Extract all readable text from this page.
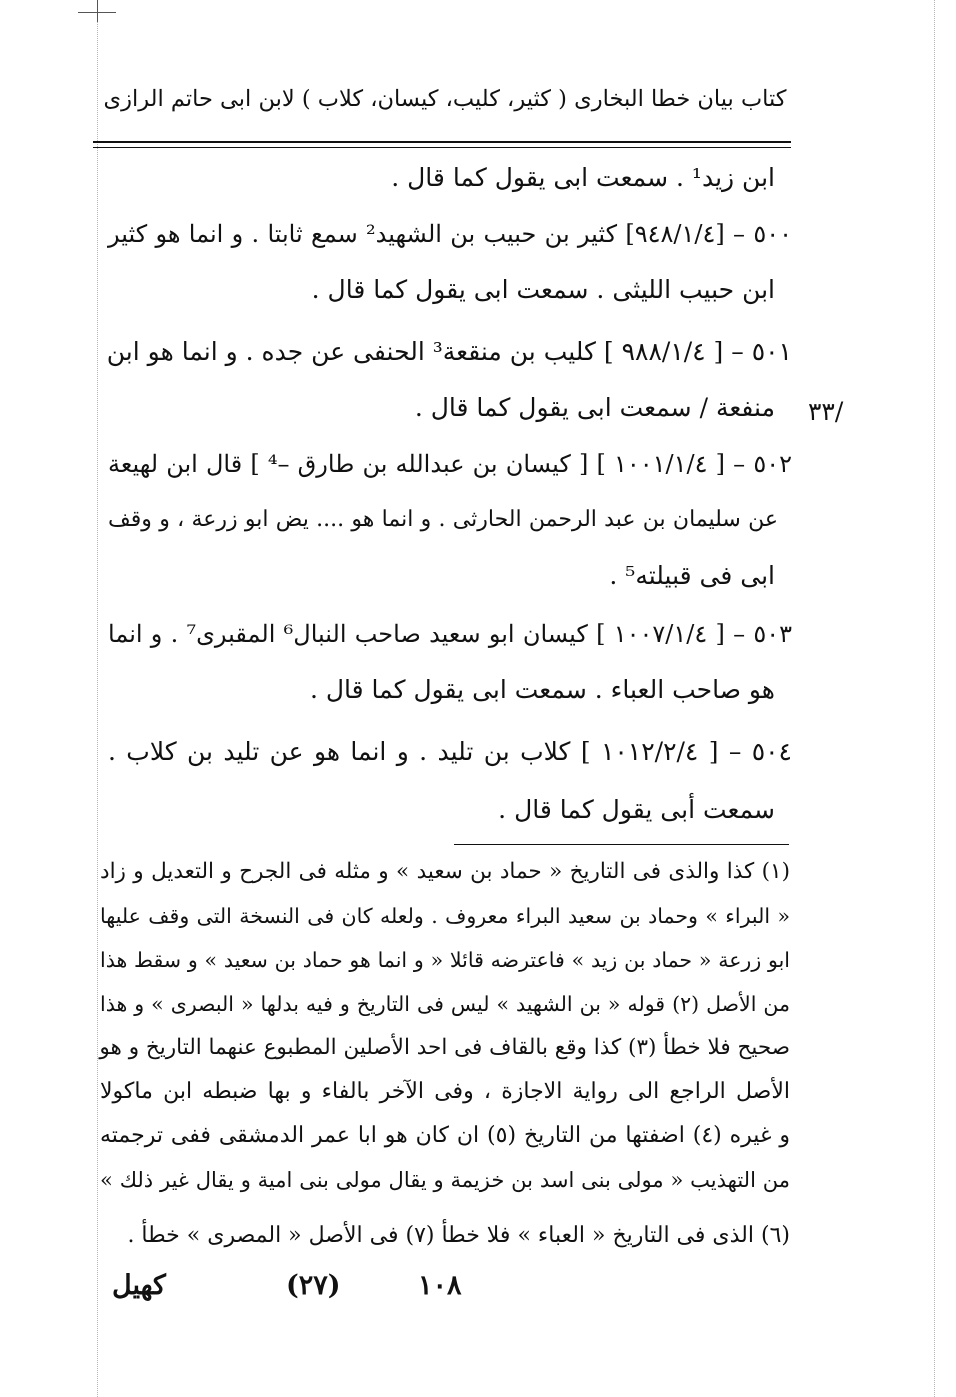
كتاب بيان خطا البخارى ( كثير، كليب، كيسان، كلاب ) لابن ابى حاتم الرازى
ابن زيد¹ . سمعت ابى يقول كما قال .
٥٠٠ – [٩٤٨/١/٤] كثير بن حبيب بن الشهيد² سمع ثابتا . و انما هو كثير
ابن حبيب الليثى . سمعت ابى يقول كما قال .
٥٠١ – [ ٩٨٨/١/٤ ] كليب بن منقعة³ الحنفى عن جده . و انما هو ابن
منفعة / سمعت ابى يقول كما قال . /٣٣
٥٠٢ – [ ١٠٠١/١/٤ ] [ كيسان بن عبدالله بن طارق –⁴ ] قال ابن لهيعة
عن سليمان بن عبد الرحمن الحارثى . و انما هو .... يض ابو زرعة ، و وقف
ابى فى قبيلته⁵ .
٥٠٣ – [ ١٠٠٧/١/٤ ] كيسان ابو سعيد صاحب النبال⁶ المقبرى⁷ . و انما
هو صاحب العباء . سمعت ابى يقول كما قال .
٥٠٤ – [ ١٠١٢/٢/٤ ] كلاب بن تليد . و انما هو عن تليد بن كلاب .
سمعت أبى يقول كما قال .
(١) كذا والذى فى التاريخ « حماد بن سعيد » و مثله فى الجرح و التعديل و زاد
« البراء » وحماد بن سعيد البراء معروف . ولعله كان فى النسخة التى وقف عليها
ابو زرعة « حماد بن زيد » فاعترضه قائلا « و انما هو حماد بن سعيد » و سقط هذا
من الأصل (٢) قوله « بن الشهيد » ليس فى التاريخ و فيه بدلها « البصرى » و هذا
صحيح فلا خطأ (٣) كذا وقع بالقاف فى احد الأصلين المطبوع عنهما التاريخ و هو
الأصل الراجع الى رواية الاجازة ، وفى الآخر بالفاء و بها ضبطه ابن ماكولا
و غيره (٤) اضفتها من التاريخ (٥) ان كان هو ابا عمر الدمشقى ففى ترجمته
من التهذيب « مولى بنى اسد بن خزيمة و يقال مولى بنى امية و يقال غير ذلك »
(٦) الذى فى التاريخ « العباء » فلا خطأ (٧) فى الأصل « المصرى » خطأ .
كهيل	(٢٧)	١٠٨
